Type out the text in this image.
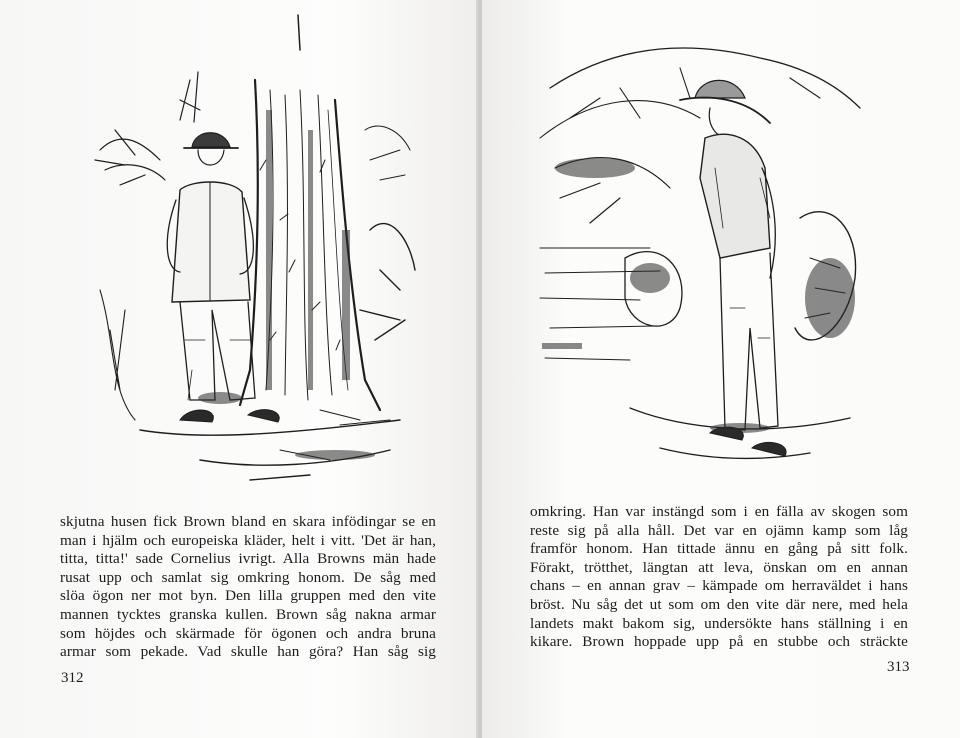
skjutna husen fick Brown bland en skara infödingar se en

man i hjälm och europeiska kläder, helt i vitt. 'Det är han,

titta, titta!' sade Cornelius ivrigt. Alla Browns män hade

rusat upp och samlat sig omkring honom. De såg med

slöa ögon ner mot byn. Den lilla gruppen med den vite

mannen tycktes granska kullen. Brown såg nakna armar

som höjdes och skärmade för ögonen och andra bruna

armar som pekade. Vad skulle han göra? Han såg sig

312

omkring. Han var instängd som i en fälla av skogen som

reste sig på alla håll. Det var en ojämn kamp som låg

framför honom. Han tittade ännu en gång på sitt folk.

Förakt, trötthet, längtan att leva, önskan om en annan

chans – en annan grav – kämpade om herraväldet i hans

bröst. Nu såg det ut som om den vite där nere, med hela

landets makt bakom sig, undersökte hans ställning i en

kikare. Brown hoppade upp på en stubbe och sträckte

313
